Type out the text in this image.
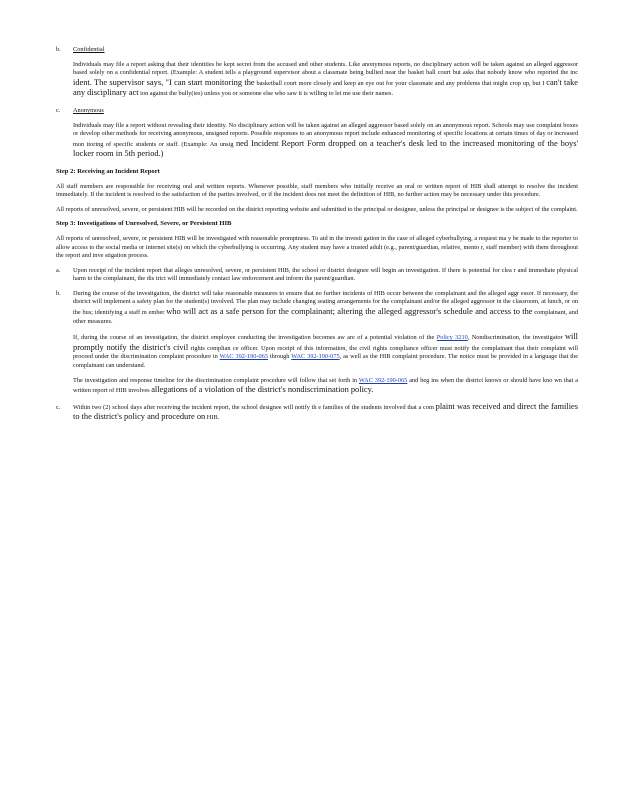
b.	Confidential

Individuals may file a report asking that their identities be kept secret from the accused and other students. Like anonymous reports, no disciplinary action will be taken against an alleged aggressor based solely on a confidential report. (Example: A student tells a playground supervisor about a classmate being bullied near the basket ball court but asks that nobody know who reported the inc ident. The supervisor says, "I can start monitoring the basketball court more closely and keep an eye out for your classmate and any problems that might crop up, but I can't take any disciplinary act ion against the bully(ies) unless you or someone else who saw it is willing to let me use their names.

c.	Anonymous

Individuals may file a report without revealing their identity. No disciplinary action will be taken against an alleged aggressor based solely on an anonymous report. Schools may use complaint boxes or develop other methods for receiving anonymous, unsigned reports. Possible responses to an anonymous report include enhanced monitoring of specific locations at certain times of day or increased mon itoring of specific students or staff. (Example: An unsig ned Incident Report Form dropped on a teacher's desk led to the increased monitoring of the boys' locker room in 5th period.)

Step 2: Receiving an Incident Report

All staff members are responsible for receiving oral and written reports. Whenever possible, staff members who initially receive an oral or written report of HIB shall attempt to resolve the incident immediately. If the incident is resolved to the satisfaction of the parties involved, or if the incident does not meet the definition of HIB, no further action may be necessary under this procedure.

All reports of unresolved, severe, or persistent HIB will be recorded on the district reporting website and submitted to the principal or designee, unless the principal or designee is the subject of the complaint.

Step 3: Investigations of Unresolved, Severe, or Persistent HIB

All reports of unresolved, severe, or persistent HIB will be investigated with reasonable promptness. To aid in the investi gation in the case of alleged cyberbullying, a request ma y be made to the reporter to allow access to the social media or internet site(s) on which the cyberbullying is occurring. Any student may have a trusted adult (e.g., parent/guardian, relative, mento r, staff member) with them throughout the report and inve stigation process.

a.	Upon receipt of the incident report that alleges unresolved, severe, or persistent HIB, the school or district designee will begin an investigation. If there is potential for clea r and immediate physical harm to the complainant, the dis trict will immediately contact law enforcement and inform the parent/guardian.
b.	During the course of the investigation, the district will take reasonable measures to ensure that no further incidents of HIB occur between the complainant and the alleged aggr essor. If necessary, the district will implement a safety plan for the student(s) involved. The plan may include changing seating arrangements for the complainant and/or the alleged aggressor in the classroom, at lunch, or on the bus; identifying a staff m ember who will act as a safe person for the complainant; altering the alleged aggressor's schedule and access to the complainant, and other measures.

If, during the course of an investigation, the district employee conducting the investigation becomes aw are of a potential violation of the Policy 3210, Nondiscrimination, the investigator will promptly notify the district's civil rights complian ce officer. Upon receipt of this information, the civil rights compliance officer must notify the complainant that their complaint will proceed under the discrimination complaint procedure in WAC 392-190-065 through WAC 392-190-075, as well as the HIB complaint procedure. The notice must be provided in a language that the complainant can understand.

The investigation and response timeline for the discrimination complaint procedure will follow that set forth in WAC 392-190-065 and beg ins when the district knows or should have kno wn that a written report of HIB involves allegations of a violation of the district's nondiscrimination policy.

c.	Within two (2) school days after receiving the incident report, the school designee will notify th e families of the students involved that a com plaint was received and direct the families to the district's policy and procedure on HIB.
